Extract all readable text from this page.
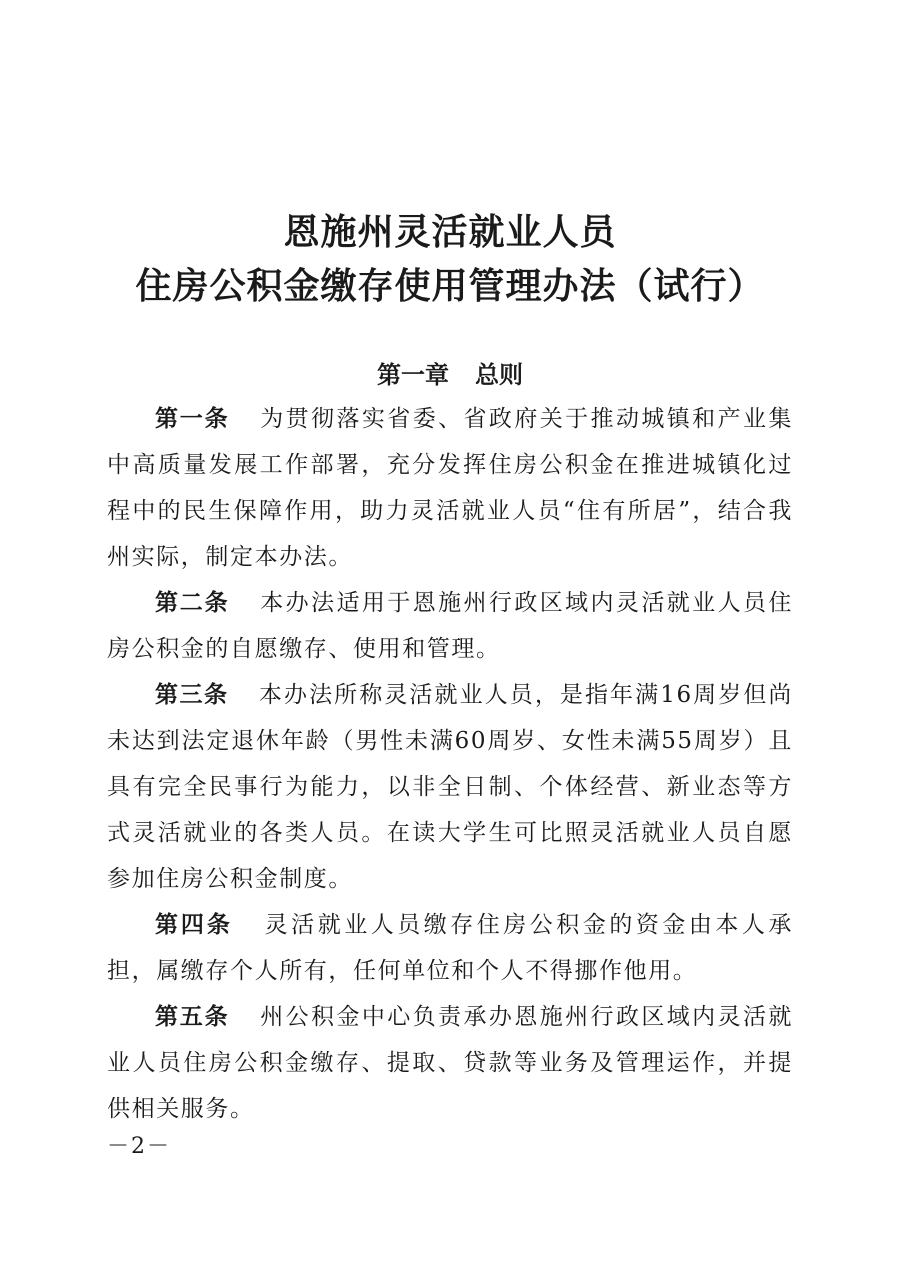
恩施州灵活就业人员
住房公积金缴存使用管理办法（试行）
第一章 总则

第一条 为贯彻落实省委、省政府关于推动城镇和产业集中高质量发展工作部署，充分发挥住房公积金在推进城镇化过程中的民生保障作用，助力灵活就业人员“住有所居”，结合我州实际，制定本办法。

第二条 本办法适用于恩施州行政区域内灵活就业人员住房公积金的自愿缴存、使用和管理。

第三条 本办法所称灵活就业人员，是指年满16周岁但尚未达到法定退休年龄（男性未满60周岁、女性未满55周岁）且具有完全民事行为能力，以非全日制、个体经营、新业态等方式灵活就业的各类人员。在读大学生可比照灵活就业人员自愿参加住房公积金制度。

第四条 灵活就业人员缴存住房公积金的资金由本人承担，属缴存个人所有，任何单位和个人不得挪作他用。

第五条 州公积金中心负责承办恩施州行政区域内灵活就业人员住房公积金缴存、提取、贷款等业务及管理运作，并提供相关服务。

－2－
